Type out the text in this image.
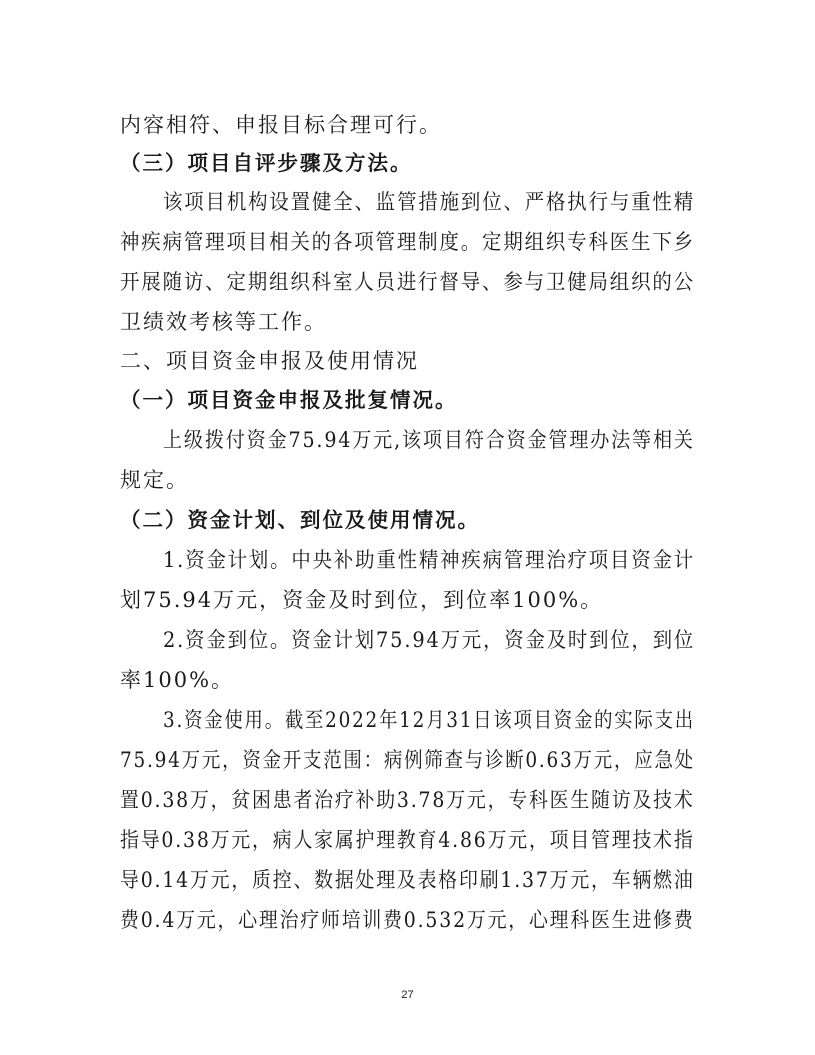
内容相符、申报目标合理可行。
（三）项目自评步骤及方法。
该项目机构设置健全、监管措施到位、严格执行与重性精
神疾病管理项目相关的各项管理制度。定期组织专科医生下乡
开展随访、定期组织科室人员进行督导、参与卫健局组织的公
卫绩效考核等工作。
二、项目资金申报及使用情况
（一）项目资金申报及批复情况。
上级拨付资金75.94万元,该项目符合资金管理办法等相关
规定。
（二）资金计划、到位及使用情况。
1.资金计划。中央补助重性精神疾病管理治疗项目资金计
划75.94万元，资金及时到位，到位率100%。
2.资金到位。资金计划75.94万元，资金及时到位，到位
率100%。
3.资金使用。截至2022年12月31日该项目资金的实际支出
75.94万元，资金开支范围：病例筛查与诊断0.63万元，应急处
置0.38万，贫困患者治疗补助3.78万元，专科医生随访及技术
指导0.38万元，病人家属护理教育4.86万元，项目管理技术指
导0.14万元，质控、数据处理及表格印刷1.37万元，车辆燃油
费0.4万元，心理治疗师培训费0.532万元，心理科医生进修费
27
